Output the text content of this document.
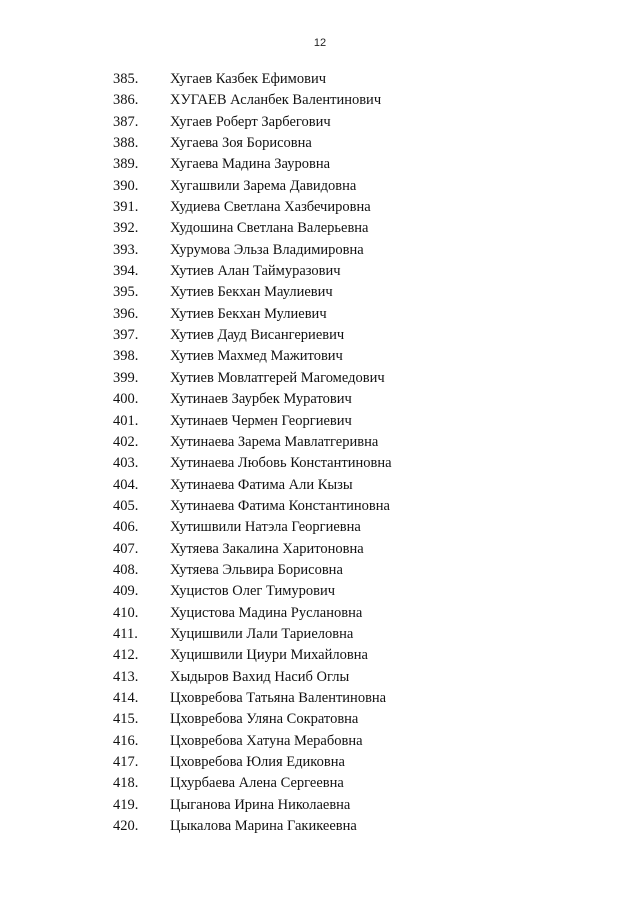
12
385. Хугаев Казбек Ефимович
386. ХУГАЕВ Асланбек Валентинович
387. Хугаев Роберт Зарбегович
388. Хугаева Зоя Борисовна
389. Хугаева Мадина Зауровна
390. Хугашвили Зарема Давидовна
391. Худиева Светлана Хазбечировна
392. Худошина Светлана Валерьевна
393. Хурумова Эльза Владимировна
394. Хутиев Алан Таймуразович
395. Хутиев Бекхан Маулиевич
396. Хутиев Бекхан Мулиевич
397. Хутиев Дауд Висангериевич
398. Хутиев Махмед Мажитович
399. Хутиев Мовлатгерей Магомедович
400. Хутинаев Заурбек Муратович
401. Хутинаев Чермен Георгиевич
402. Хутинаева Зарема Мавлатгеривна
403. Хутинаева Любовь Константиновна
404. Хутинаева Фатима Али Кызы
405. Хутинаева Фатима Константиновна
406. Хутишвили Натэла Георгиевна
407. Хутяева Закалина Харитоновна
408. Хутяева Эльвира Борисовна
409. Хуцистов Олег Тимурович
410. Хуцистова Мадина Руслановна
411. Хуцишвили Лали Тариеловна
412. Хуцишвили Циури Михайловна
413. Хыдыров Вахид Насиб Оглы
414. Цховребова Татьяна Валентиновна
415. Цховребова Уляна Сократовна
416. Цховребова Хатуна Мерабовна
417. Цховребова Юлия Едиковна
418. Цхурбаева Алена Сергеевна
419. Цыганова Ирина Николаевна
420. Цыкалова Марина Гакикеевна
